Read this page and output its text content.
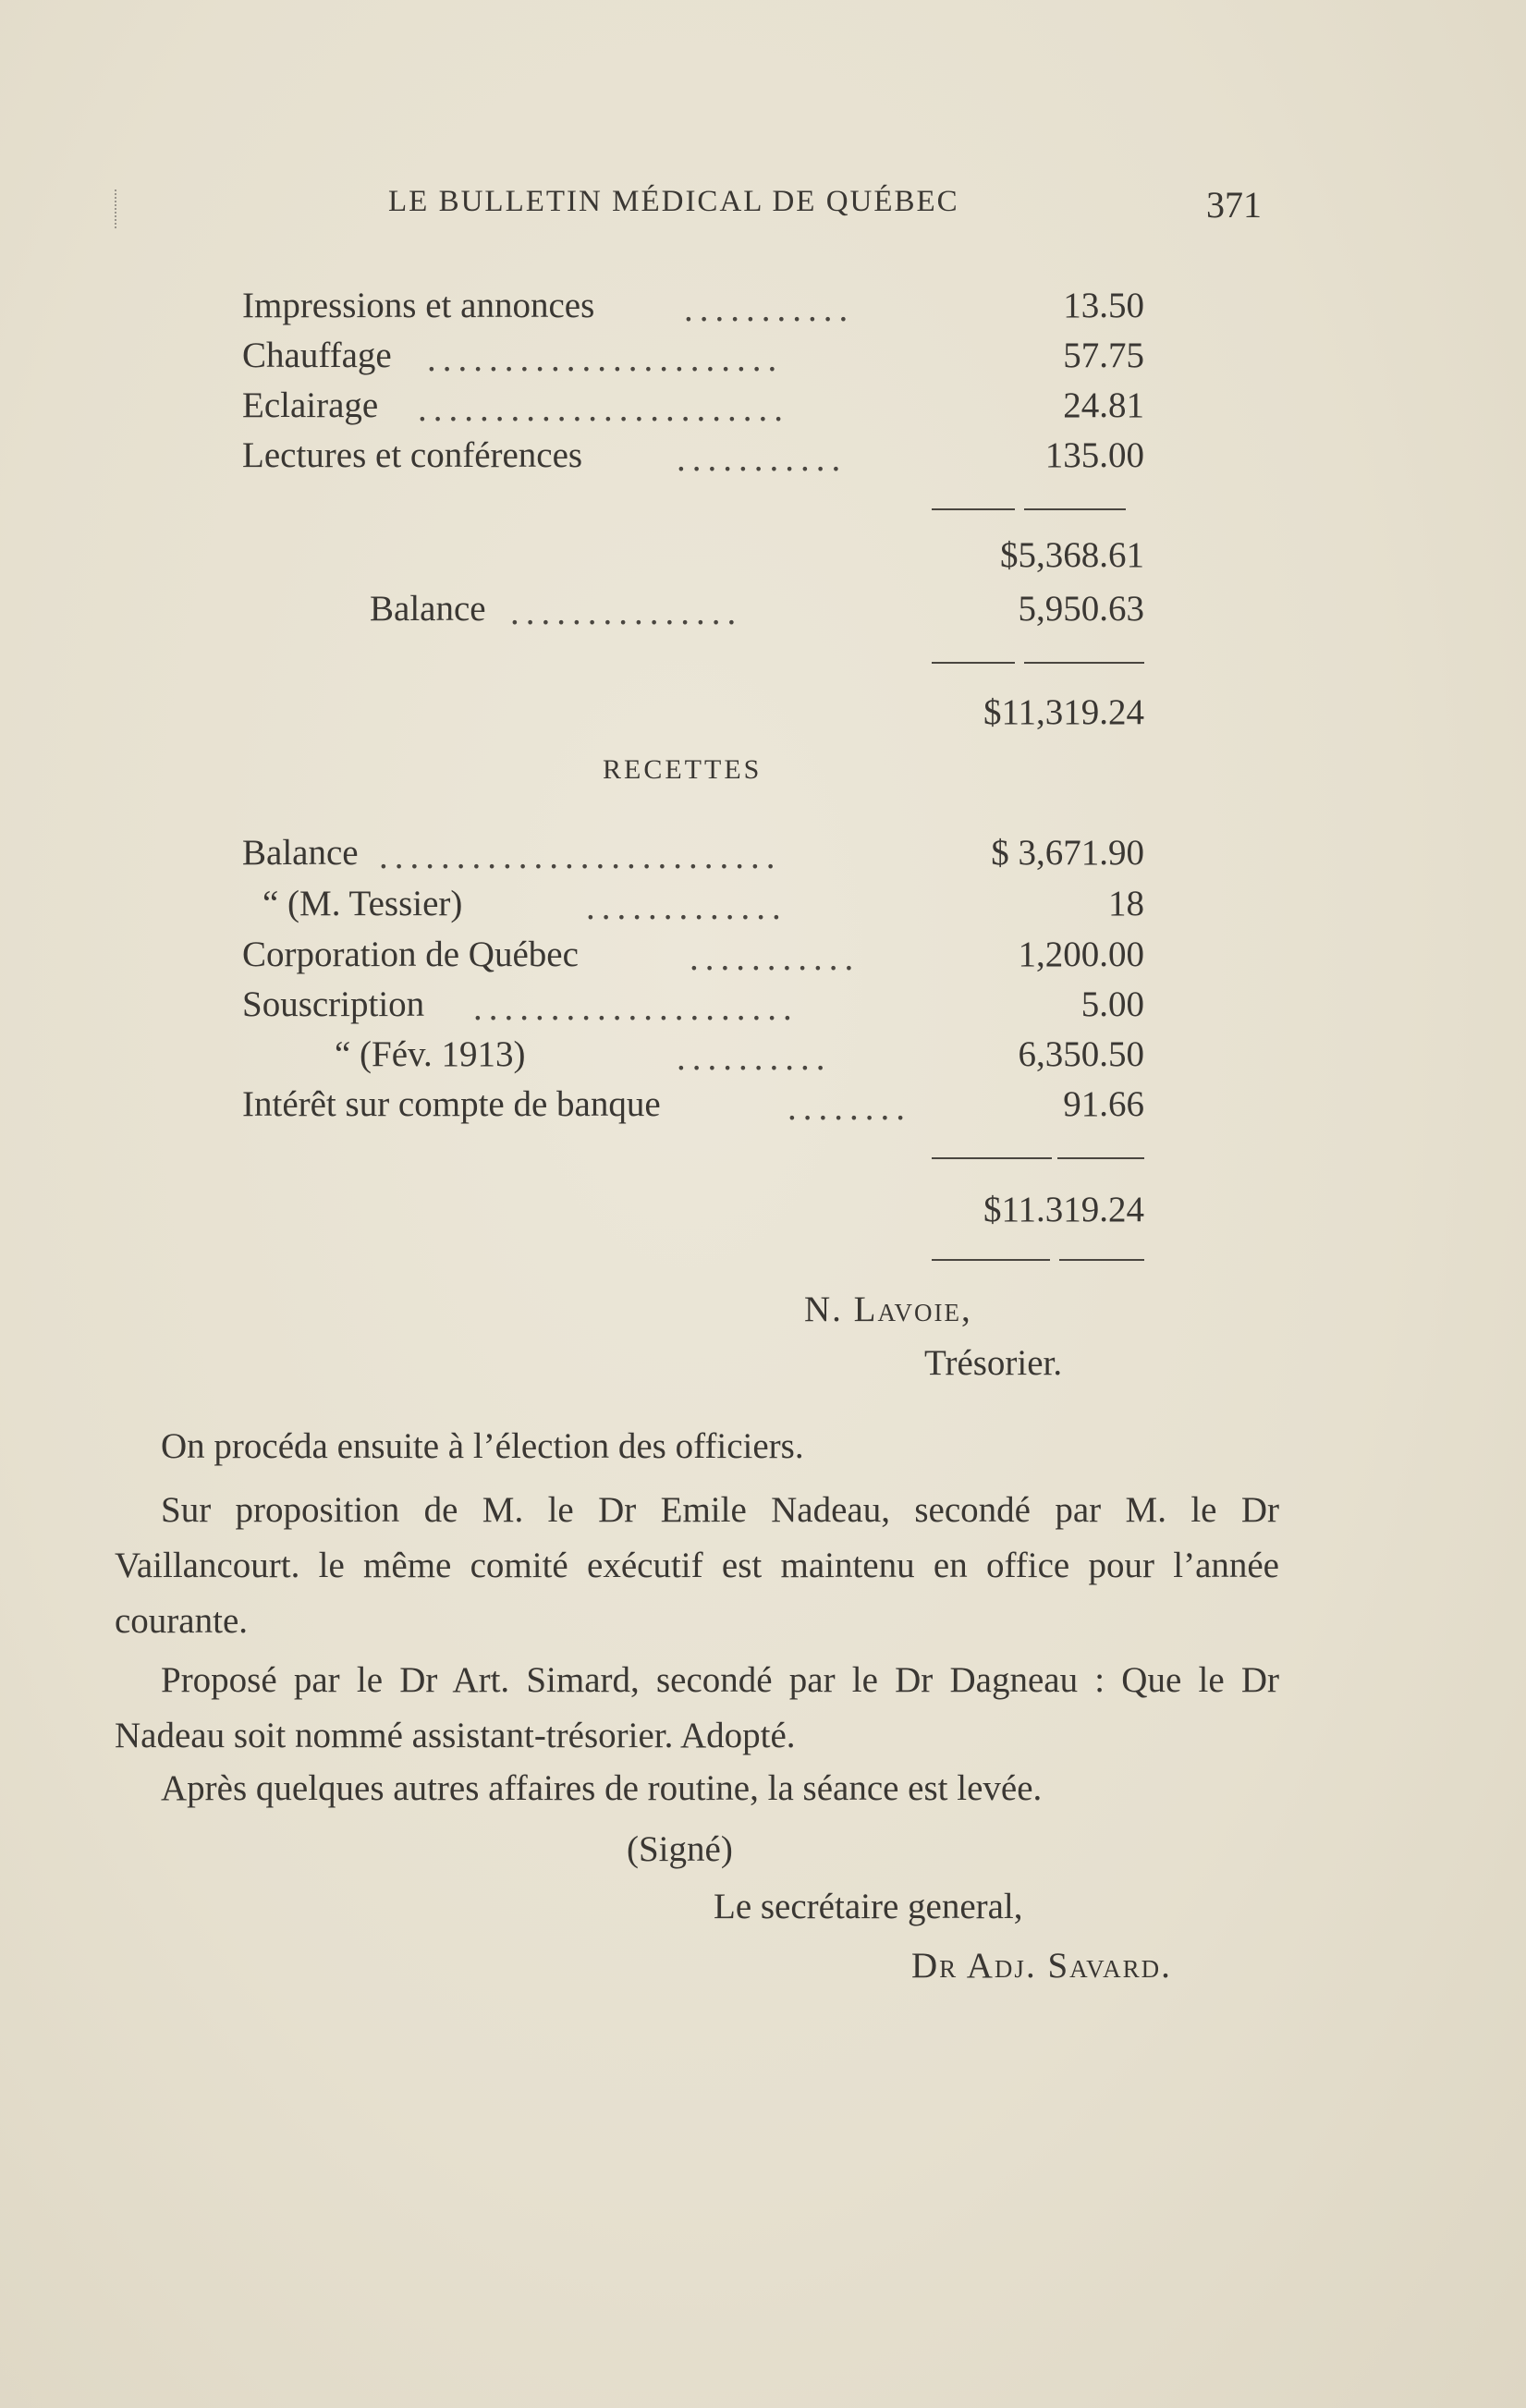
LE BULLETIN MÉDICAL DE QUÉBEC	371
Impressions et annonces ...........	13.50
Chauffage .......................	57.75
Eclairage ........................	24.81
Lectures et conférences	...........	135.00
$5,368.61
Balance ...............	5,950.63
$11,319.24
RECETTES
Balance ..........................	$ 3,671.90
“ (M. Tessier)	.............	18
Corporation de Québec	...........	1,200.00
Souscription .....................	5.00
“ (Fév. 1913)	..........	6,350.50
Intérêt sur compte de banque	........	91.66
$11.319.24
N. Lavoie,
Trésorier.
On procéda ensuite à l’élection des officiers.
Sur proposition de M. le Dr Emile Nadeau, secondé par M. le Dr Vaillancourt. le même comité exécutif est maintenu en office pour l’année courante.
Proposé par le Dr Art. Simard, secondé par le Dr Dagneau : Que le Dr Nadeau soit nommé assistant-trésorier. Adopté.
Après quelques autres affaires de routine, la séance est levée.
(Signé)
Le secrétaire general,
Dr Adj. Savard.
